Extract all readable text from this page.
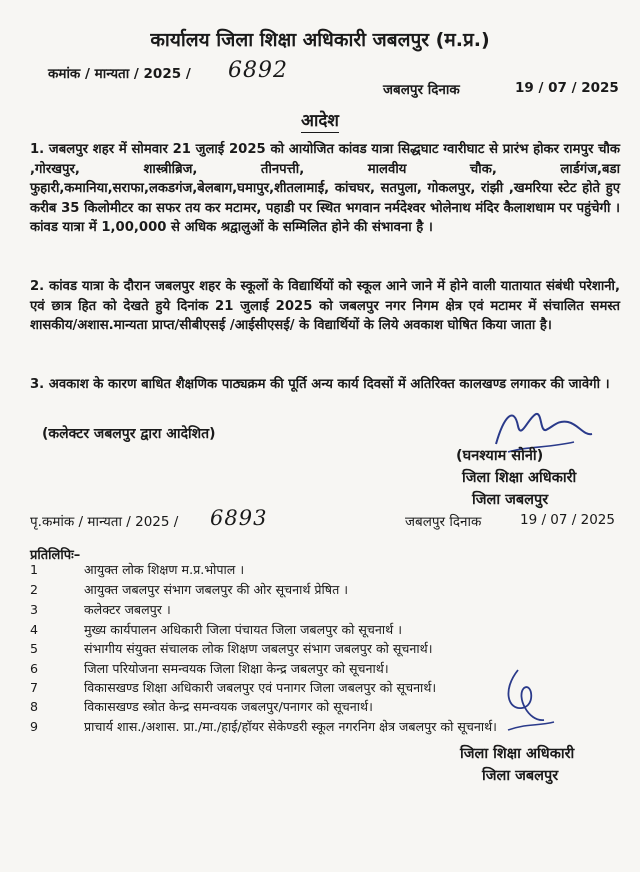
कार्यालय जिला शिक्षा अधिकारी जबलपुर (म.प्र.)
कमांक / मान्यता / 2025 / 6892
जबलपुर दिनाक	19 / 07 / 2025
आदेश
1. जबलपुर शहर में सोमवार 21 जुलाई 2025 को आयोजित कांवड यात्रा सिद्धघाट ग्वारीघाट से प्रारंभ होकर रामपुर चौक ,गोरखपुर, शास्त्रीब्रिज, तीनपत्ती, मालवीय चौक, लार्डगंज,बडा फुहारी,कमानिया,सराफा,लकडगंज,बेलबाग,घमापुर,शीतलामाई, कांचघर, सतपुला, गोकलपुर, रांझी ,खमरिया स्टेट होते हुए करीब 35 किलोमीटर का सफर तय कर मटामर, पहाडी पर स्थित भगवान नर्मदेश्वर भोलेनाथ मंदिर कैलाशधाम पर पहुंचेगी । कांवड यात्रा में 1,00,000 से अधिक श्रद्वालुओं के सम्मिलित होने की संभावना है ।
2. कांवड यात्रा के दौरान जबलपुर शहर के स्कूलों के विद्यार्थियों को स्कूल आने जाने में होने वाली यातायात संबंधी परेशानी, एवं छात्र हित को देखते हुये दिनांक 21 जुलाई 2025 को जबलपुर नगर निगम क्षेत्र एवं मटामर में संचालित समस्त शासकीय/अशास.मान्यता प्राप्त/सीबीएसई /आईसीएसई/ के विद्यार्थियों के लिये अवकाश घोषित किया जाता है।
3. अवकाश के कारण बाधित शैक्षणिक पाठ्यक्रम की पूर्ति अन्य कार्य दिवसों में अतिरिक्त कालखण्ड लगाकर की जावेगी ।
(कलेक्टर जबलपुर द्वारा आदेशित)
(घनश्याम सोनी)
जिला शिक्षा अधिकारी
जिला जबलपुर
पृ.कमांक / मान्यता / 2025 / 6893	जबलपुर दिनाक	19 / 07 / 2025
प्रतिलिपिः–
1	आयुक्त लोक शिक्षण म.प्र.भोपाल ।
2	आयुक्त जबलपुर संभाग जबलपुर की ओर सूचनार्थ प्रेषित ।
3	कलेक्टर जबलपुर ।
4	मुख्य कार्यपालन अधिकारी जिला पंचायत जिला जबलपुर को सूचनार्थ ।
5	संभागीय संयुक्त संचालक लोक शिक्षण जबलपुर संभाग जबलपुर को सूचनार्थ।
6	जिला परियोजना समन्वयक जिला शिक्षा केन्द्र जबलपुर को सूचनार्थ।
7	विकासखण्ड शिक्षा अधिकारी जबलपुर एवं पनागर जिला जबलपुर को सूचनार्थ।
8	विकासखण्ड स्त्रोत केन्द्र समन्वयक जबलपुर/पनागर को सूचनार्थ।
9	प्राचार्य शास./अशास. प्रा./मा./हाई/हॉयर सेकेण्डरी स्कूल नगरनिग क्षेत्र जबलपुर को सूचनार्थ।
जिला शिक्षा अधिकारी
जिला जबलपुर
